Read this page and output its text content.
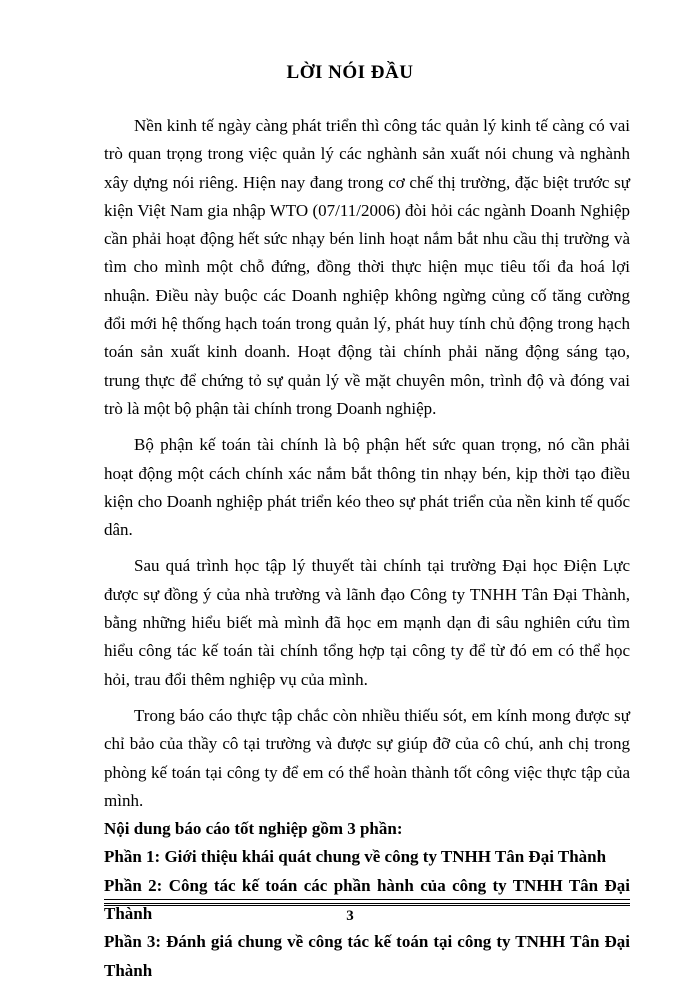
LỜI NÓI ĐẦU

Nền kinh tế ngày càng phát triển thì công tác quản lý kinh tế càng có vai trò quan trọng trong việc quản lý các nghành sản xuất nói chung và nghành xây dựng nói riêng. Hiện nay đang trong cơ chế thị trường, đặc biệt trước sự kiện Việt Nam gia nhập WTO (07/11/2006) đòi hỏi các ngành Doanh Nghiệp cần phải hoạt động hết sức nhạy bén linh hoạt nắm bắt nhu cầu thị trường và tìm cho mình một chỗ đứng, đồng thời thực hiện mục tiêu tối đa hoá lợi nhuận. Điều này buộc các Doanh nghiệp không ngừng củng cố tăng cường đổi mới hệ thống hạch toán trong quản lý, phát huy tính chủ động trong hạch toán sản xuất kinh doanh. Hoạt động tài chính phải năng động sáng tạo, trung thực để chứng tỏ sự quản lý về mặt chuyên môn, trình độ và đóng vai trò là một bộ phận tài chính trong Doanh nghiệp.

Bộ phận kế toán tài chính là bộ phận hết sức quan trọng, nó cần phải hoạt động một cách chính xác nắm bắt thông tin nhạy bén, kịp thời tạo điều kiện cho Doanh nghiệp phát triển kéo theo sự phát triển của nền kinh tế quốc dân.

Sau quá trình học tập lý thuyết tài chính tại trường Đại học Điện Lực được sự đồng ý của nhà trường và lãnh đạo Công ty TNHH Tân Đại Thành, bằng những hiểu biết mà mình đã học em mạnh dạn đi sâu nghiên cứu tìm hiểu công tác kế toán tài chính tổng hợp tại công ty để từ đó em có thể học hỏi, trau đổi thêm nghiệp vụ của mình.

Trong báo cáo thực tập chắc còn nhiều thiếu sót, em kính mong được sự chỉ bảo của thầy cô tại trường và được sự giúp đỡ của cô chú, anh chị trong phòng kế toán tại công ty để em có thể hoàn thành tốt công việc thực tập của mình.

Nội dung báo cáo tốt nghiệp gồm 3 phần:

Phần 1: Giới thiệu khái quát chung về công ty TNHH Tân Đại Thành

Phần 2: Công tác kế toán các phần hành của công ty TNHH Tân Đại Thành

Phần 3: Đánh giá chung về công tác kế toán tại công ty TNHH Tân Đại Thành

3
